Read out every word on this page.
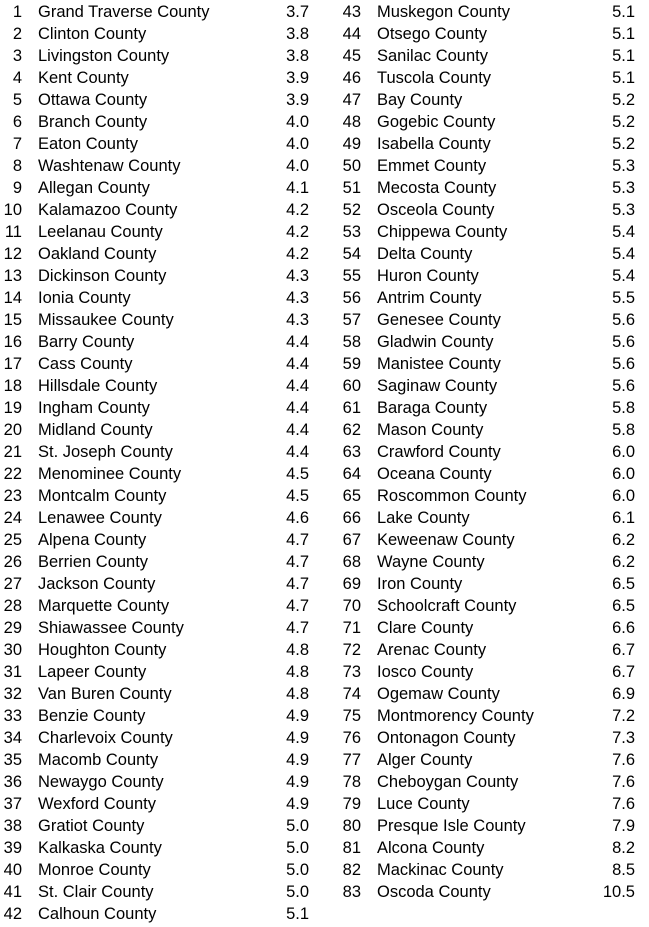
1 Grand Traverse County	3.7
2 Clinton County	3.8
3 Livingston County	3.8
4 Kent County	3.9
5 Ottawa County	3.9
6 Branch County	4.0
7 Eaton County	4.0
8 Washtenaw County	4.0
9 Allegan County	4.1
10 Kalamazoo County	4.2
11 Leelanau County	4.2
12 Oakland County	4.2
13 Dickinson County	4.3
14 Ionia County	4.3
15 Missaukee County	4.3
16 Barry County	4.4
17 Cass County	4.4
18 Hillsdale County	4.4
19 Ingham County	4.4
20 Midland County	4.4
21 St. Joseph County	4.4
22 Menominee County	4.5
23 Montcalm County	4.5
24 Lenawee County	4.6
25 Alpena County	4.7
26 Berrien County	4.7
27 Jackson County	4.7
28 Marquette County	4.7
29 Shiawassee County	4.7
30 Houghton County	4.8
31 Lapeer County	4.8
32 Van Buren County	4.8
33 Benzie County	4.9
34 Charlevoix County	4.9
35 Macomb County	4.9
36 Newaygo County	4.9
37 Wexford County	4.9
38 Gratiot County	5.0
39 Kalkaska County	5.0
40 Monroe County	5.0
41 St. Clair County	5.0
42 Calhoun County	5.1
43 Muskegon County	5.1
44 Otsego County	5.1
45 Sanilac County	5.1
46 Tuscola County	5.1
47 Bay County	5.2
48 Gogebic County	5.2
49 Isabella County	5.2
50 Emmet County	5.3
51 Mecosta County	5.3
52 Osceola County	5.3
53 Chippewa County	5.4
54 Delta County	5.4
55 Huron County	5.4
56 Antrim County	5.5
57 Genesee County	5.6
58 Gladwin County	5.6
59 Manistee County	5.6
60 Saginaw County	5.6
61 Baraga County	5.8
62 Mason County	5.8
63 Crawford County	6.0
64 Oceana County	6.0
65 Roscommon County	6.0
66 Lake County	6.1
67 Keweenaw County	6.2
68 Wayne County	6.2
69 Iron County	6.5
70 Schoolcraft County	6.5
71 Clare County	6.6
72 Arenac County	6.7
73 Iosco County	6.7
74 Ogemaw County	6.9
75 Montmorency County	7.2
76 Ontonagon County	7.3
77 Alger County	7.6
78 Cheboygan County	7.6
79 Luce County	7.6
80 Presque Isle County	7.9
81 Alcona County	8.2
82 Mackinac County	8.5
83 Oscoda County	10.5
